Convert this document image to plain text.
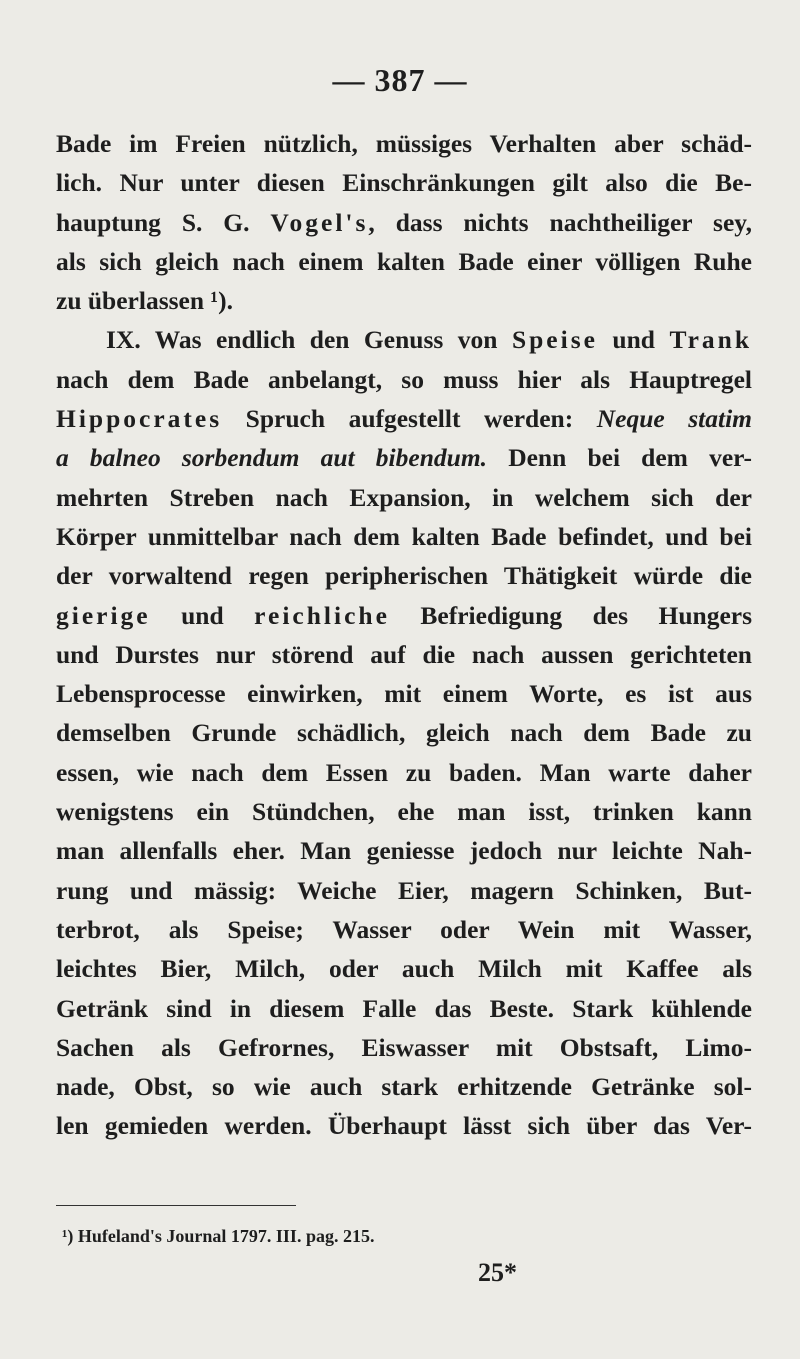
— 387 —
Bade im Freien nützlich, müssiges Verhalten aber schäd-
lich. Nur unter diesen Einschränkungen gilt also die Be-
hauptung S. G. Vogel's, dass nichts nachtheiliger sey,
als sich gleich nach einem kalten Bade einer völligen Ruhe
zu überlassen ¹).
IX. Was endlich den Genuss von Speise und Trank
nach dem Bade anbelangt, so muss hier als Hauptregel
Hippocrates Spruch aufgestellt werden: Neque statim
a balneo sorbendum aut bibendum. Denn bei dem ver-
mehrten Streben nach Expansion, in welchem sich der
Körper unmittelbar nach dem kalten Bade befindet, und bei
der vorwaltend regen peripherischen Thätigkeit würde die
gierige und reichliche Befriedigung des Hungers
und Durstes nur störend auf die nach aussen gerichteten
Lebensprocesse einwirken, mit einem Worte, es ist aus
demselben Grunde schädlich, gleich nach dem Bade zu
essen, wie nach dem Essen zu baden. Man warte daher
wenigstens ein Stündchen, ehe man isst, trinken kann
man allenfalls eher. Man geniesse jedoch nur leichte Nah-
rung und mässig: Weiche Eier, magern Schinken, But-
terbrot, als Speise; Wasser oder Wein mit Wasser,
leichtes Bier, Milch, oder auch Milch mit Kaffee als
Getränk sind in diesem Falle das Beste. Stark kühlende
Sachen als Gefrornes, Eiswasser mit Obstsaft, Limo-
nade, Obst, so wie auch stark erhitzende Getränke sol-
len gemieden werden. Überhaupt lässt sich über das Ver-
¹) Hufeland's Journal 1797. III. pag. 215.
25*
